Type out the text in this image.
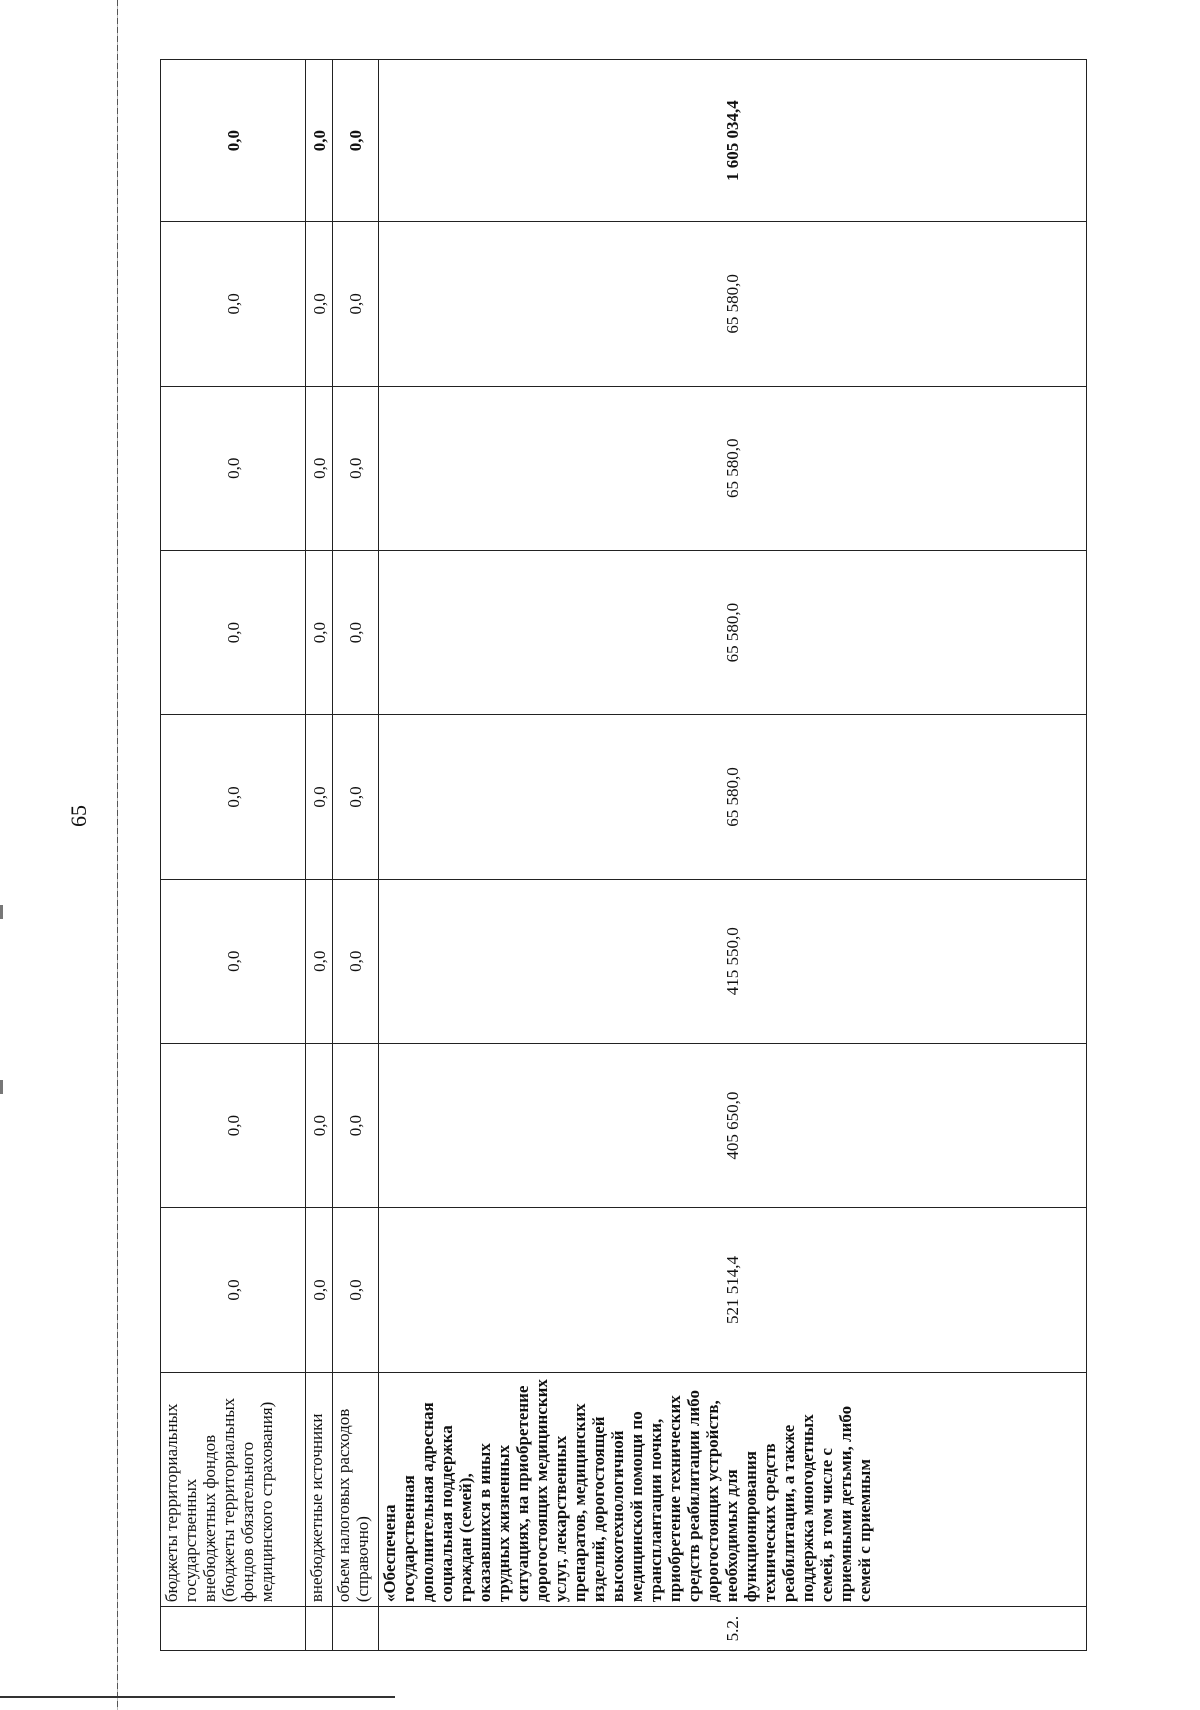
65

	бюджеты территориальных государственных внебюджетных фондов (бюджеты территориальных фондов обязательного медицинского страхования)	0,0	0,0	0,0	0,0	0,0	0,0	0,0	0,0

	внебюджетные источники	0,0	0,0	0,0	0,0	0,0	0,0	0,0	0,0

	объем налоговых расходов (справочно)	0,0	0,0	0,0	0,0	0,0	0,0	0,0	0,0
5.2.	«Обеспечена государственная дополнительная адресная социальная поддержка граждан (семей), оказавшихся в иных трудных жизненных ситуациях, на приобретение дорогостоящих медицинских услуг, лекарственных препаратов, медицинских изделий, дорогостоящей высокотехнологичной медицинской помощи по трансплантации почки, приобретение технических средств реабилитации либо дорогостоящих устройств, необходимых для функционирования технических средств реабилитации, а также поддержка многодетных семей, в том числе с приемными детьми, либо семей с приемным	521 514,4	405 650,0	415 550,0	65 580,0	65 580,0	65 580,0	65 580,0	1 605 034,4
